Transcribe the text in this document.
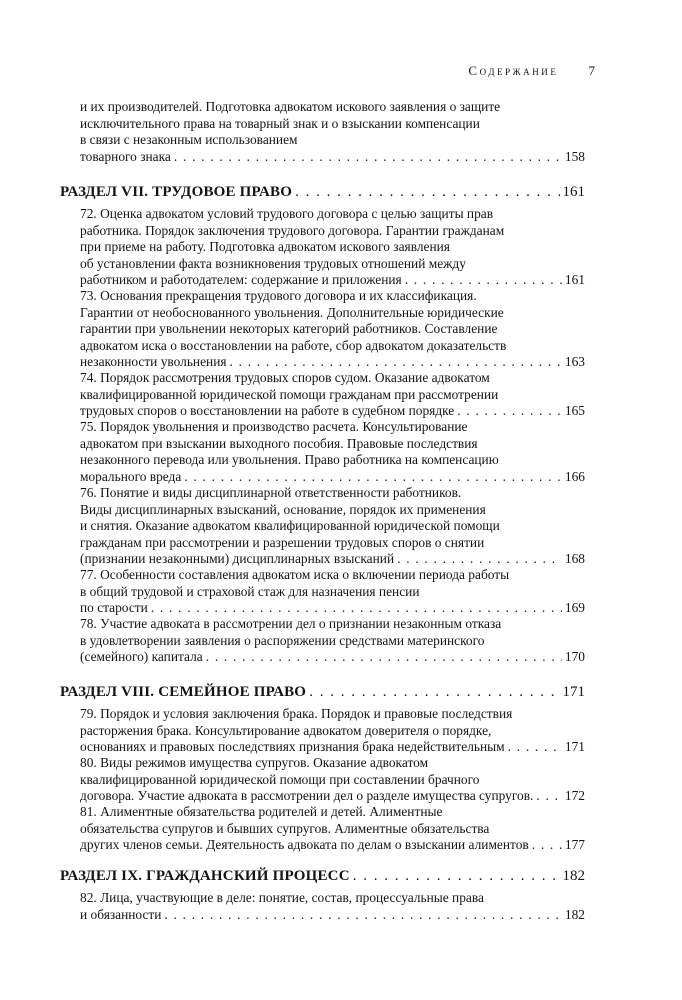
Содержание 7
и их производителей. Подготовка адвокатом искового заявления о защите
исключительного права на товарный знак и о взыскании компенсации
в связи с незаконным использованием
товарного знака . . .	158
РАЗДЕЛ VII. ТРУДОВОЕ ПРАВО . . .	161
72. Оценка адвокатом условий трудового договора с целью защиты прав
работника. Порядок заключения трудового договора. Гарантии гражданам
при приеме на работу. Подготовка адвокатом искового заявления
об установлении факта возникновения трудовых отношений между
работником и работодателем: содержание и приложения . . .	161
73. Основания прекращения трудового договора и их классификация.
Гарантии от необоснованного увольнения. Дополнительные юридические
гарантии при увольнении некоторых категорий работников. Составление
адвокатом иска о восстановлении на работе, сбор адвокатом доказательств
незаконности увольнения . . .	163
74. Порядок рассмотрения трудовых споров судом. Оказание адвокатом
квалифицированной юридической помощи гражданам при рассмотрении
трудовых споров о восстановлении на работе в судебном порядке . . .	165
75. Порядок увольнения и производство расчета. Консультирование
адвокатом при взыскании выходного пособия. Правовые последствия
незаконного перевода или увольнения. Право работника на компенсацию
морального вреда . . .	166
76. Понятие и виды дисциплинарной ответственности работников.
Виды дисциплинарных взысканий, основание, порядок их применения
и снятия. Оказание адвокатом квалифицированной юридической помощи
гражданам при рассмотрении и разрешении трудовых споров о снятии
(признании незаконными) дисциплинарных взысканий . . .	168
77. Особенности составления адвокатом иска о включении периода работы
в общий трудовой и страховой стаж для назначения пенсии
по старости . . .	169
78. Участие адвоката в рассмотрении дел о признании незаконным отказа
в удовлетворении заявления о распоряжении средствами материнского
(семейного) капитала . . .	170
РАЗДЕЛ VIII. СЕМЕЙНОЕ ПРАВО . . .	171
79. Порядок и условия заключения брака. Порядок и правовые последствия
расторжения брака. Консультирование адвокатом доверителя о порядке,
основаниях и правовых последствиях признания брака недействительным . . .	171
80. Виды режимов имущества супругов. Оказание адвокатом
квалифицированной юридической помощи при составлении брачного
договора. Участие адвоката в рассмотрении дел о разделе имущества супругов. . . . 172
81. Алиментные обязательства родителей и детей. Алиментные
обязательства супругов и бывших супругов. Алиментные обязательства
других членов семьи. Деятельность адвоката по делам о взыскании алиментов . . .	177
РАЗДЕЛ IX. ГРАЖДАНСКИЙ ПРОЦЕСС . . .	182
82. Лица, участвующие в деле: понятие, состав, процессуальные права
и обязанности . . .	182
